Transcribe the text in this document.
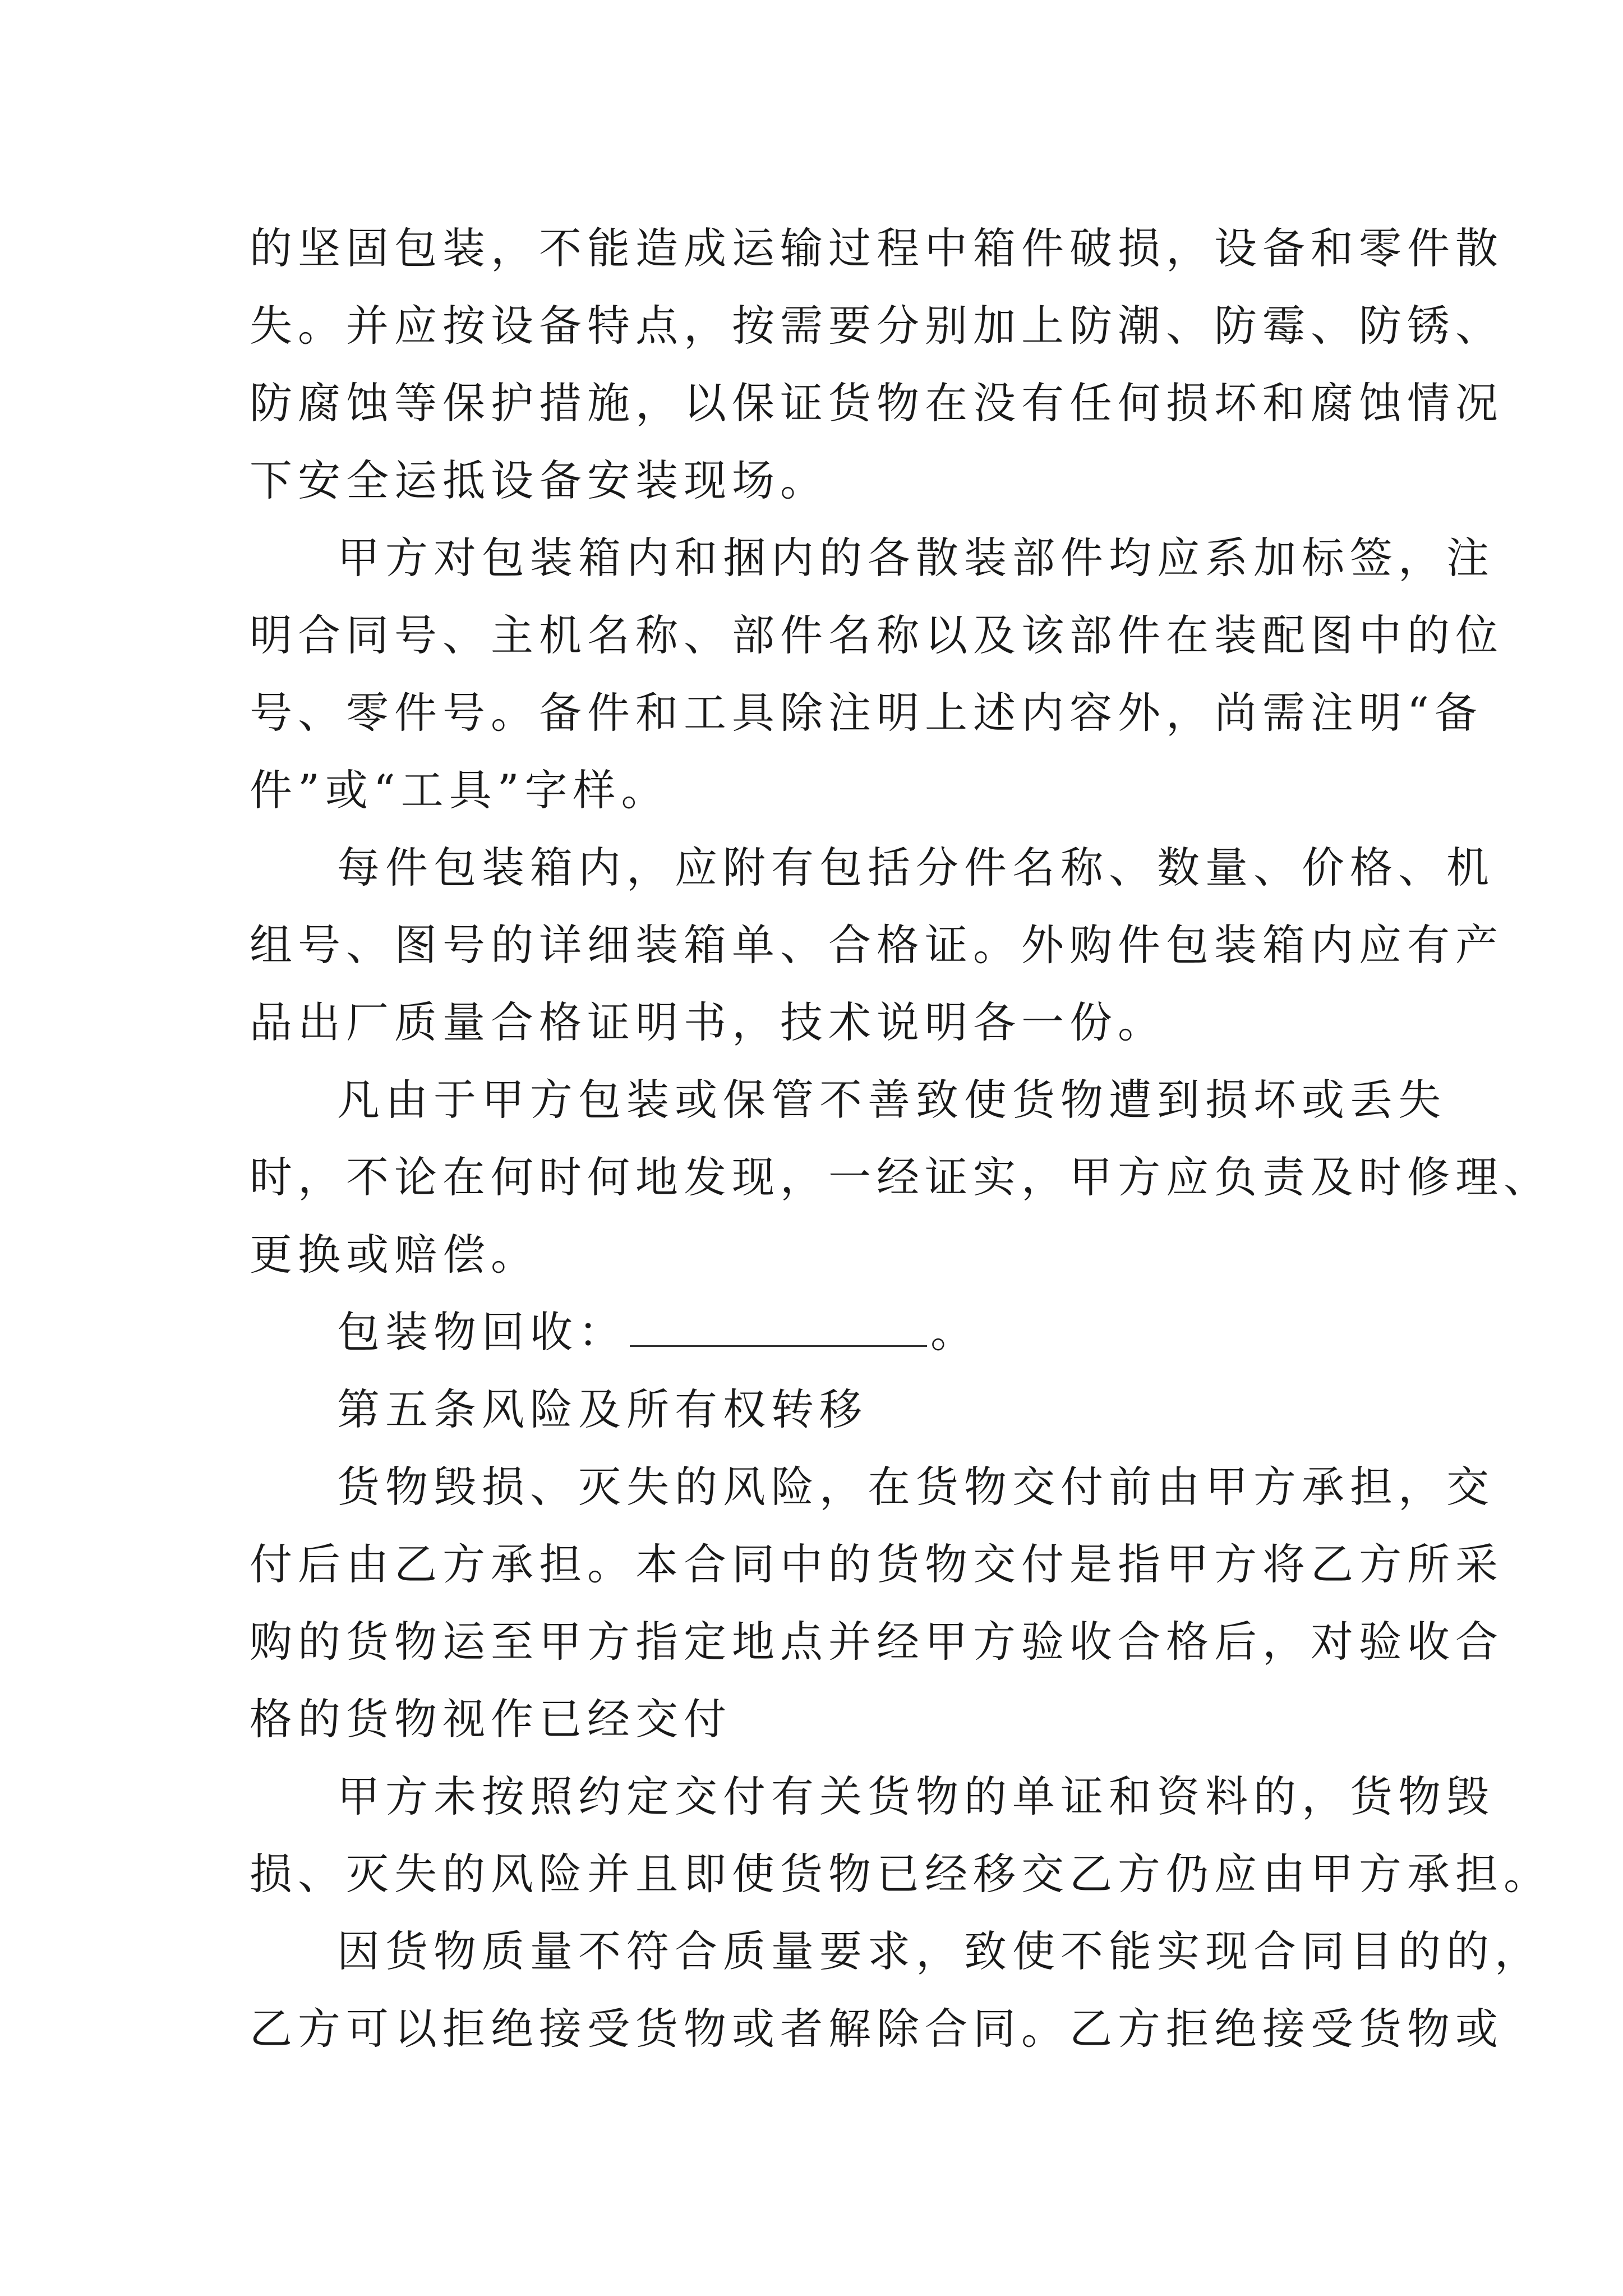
的坚固包装，不能造成运输过程中箱件破损，设备和零件散
失。并应按设备特点，按需要分别加上防潮、防霉、防锈、
防腐蚀等保护措施，以保证货物在没有任何损坏和腐蚀情况
下安全运抵设备安装现场。
甲方对包装箱内和捆内的各散装部件均应系加标签，注
明合同号、主机名称、部件名称以及该部件在装配图中的位
号、零件号。备件和工具除注明上述内容外，尚需注明“备
件”或“工具”字样。
每件包装箱内，应附有包括分件名称、数量、价格、机
组号、图号的详细装箱单、合格证。外购件包装箱内应有产
品出厂质量合格证明书，技术说明各一份。
凡由于甲方包装或保管不善致使货物遭到损坏或丢失
时，不论在何时何地发现，一经证实，甲方应负责及时修理、
更换或赔偿。
包装物回收：	。
第五条风险及所有权转移
货物毁损、灭失的风险，在货物交付前由甲方承担，交
付后由乙方承担。本合同中的货物交付是指甲方将乙方所采
购的货物运至甲方指定地点并经甲方验收合格后，对验收合
格的货物视作已经交付
甲方未按照约定交付有关货物的单证和资料的，货物毁
损、灭失的风险并且即使货物已经移交乙方仍应由甲方承担。
因货物质量不符合质量要求，致使不能实现合同目的的，
乙方可以拒绝接受货物或者解除合同。乙方拒绝接受货物或
